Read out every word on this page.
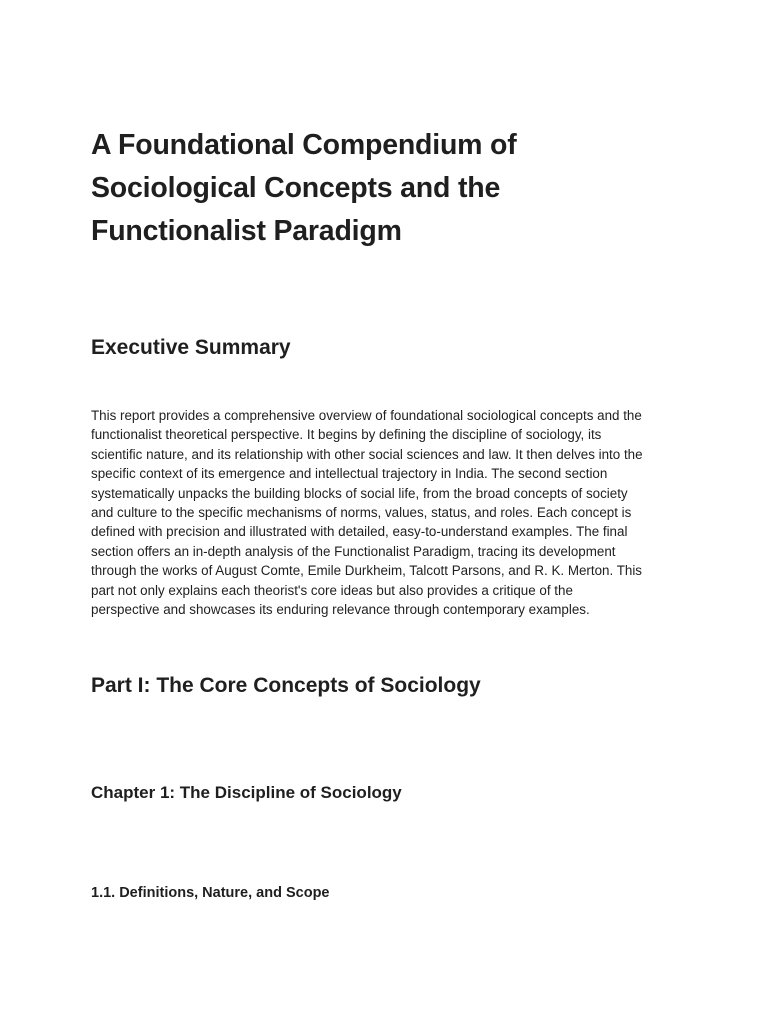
A Foundational Compendium of
Sociological Concepts and the
Functionalist Paradigm
Executive Summary

This report provides a comprehensive overview of foundational sociological concepts and the
functionalist theoretical perspective. It begins by defining the discipline of sociology, its
scientific nature, and its relationship with other social sciences and law. It then delves into the
specific context of its emergence and intellectual trajectory in India. The second section
systematically unpacks the building blocks of social life, from the broad concepts of society
and culture to the specific mechanisms of norms, values, status, and roles. Each concept is
defined with precision and illustrated with detailed, easy-to-understand examples. The final
section offers an in-depth analysis of the Functionalist Paradigm, tracing its development
through the works of August Comte, Emile Durkheim, Talcott Parsons, and R. K. Merton. This
part not only explains each theorist's core ideas but also provides a critique of the
perspective and showcases its enduring relevance through contemporary examples.

Part I: The Core Concepts of Sociology
Chapter 1: The Discipline of Sociology
1.1. Definitions, Nature, and Scope
